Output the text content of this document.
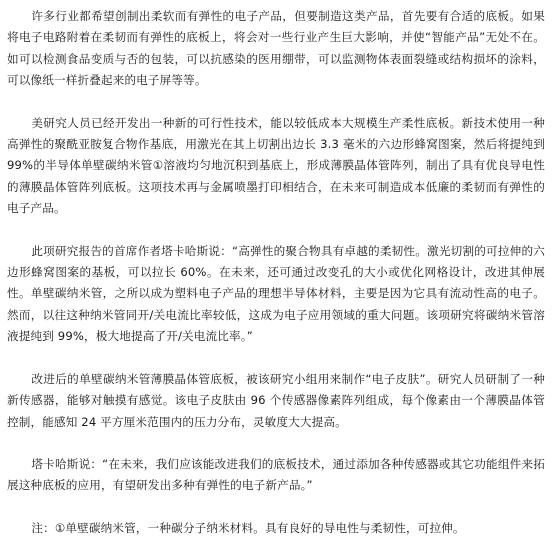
许多行业都希望创制出柔软而有弹性的电子产品，但要制造这类产品，首先要有合适的底板。如果将电子电路附着在柔韧而有弹性的底板上，将会对一些行业产生巨大影响，并使“智能产品”无处不在。如可以检测食品变质与否的包装，可以抗感染的医用绷带，可以监测物体表面裂缝或结构损坏的涂料，可以像纸一样折叠起来的电子屏等等。

美研究人员已经开发出一种新的可行性技术，能以较低成本大规模生产柔性底板。新技术使用一种高弹性的聚酰亚胺复合物作基底，用激光在其上切割出边长 3.3 毫米的六边形蜂窝图案，然后将提纯到 99%的半导体单壁碳纳米管①溶液均匀地沉积到基底上，形成薄膜晶体管阵列，制出了具有优良导电性的薄膜晶体管阵列底板。这项技术再与金属喷墨打印相结合，在未来可制造成本低廉的柔韧而有弹性的电子产品。

此项研究报告的首席作者塔卡哈斯说：“高弹性的聚合物具有卓越的柔韧性。激光切割的可拉伸的六边形蜂窝图案的基板，可以拉长 60%。在未来，还可通过改变孔的大小或优化网格设计，改进其伸展性。单壁碳纳米管，之所以成为塑料电子产品的理想半导体材料，主要是因为它具有流动性高的电子。然而，以往这种纳米管同开/关电流比率较低，这成为电子应用领域的重大问题。该项研究将碳纳米管溶液提纯到 99%，极大地提高了开/关电流比率。”

改进后的单壁碳纳米管薄膜晶体管底板，被该研究小组用来制作“电子皮肤”。研究人员研制了一种新传感器，能够对触摸有感觉。该电子皮肤由 96 个传感器像素阵列组成，每个像素由一个薄膜晶体管控制，能感知 24 平方厘米范围内的压力分布，灵敏度大大提高。

塔卡哈斯说：“在未来，我们应该能改进我们的底板技术，通过添加各种传感器或其它功能组件来拓展这种底板的应用，有望研发出多种有弹性的电子新产品。”

注：①单壁碳纳米管，一种碳分子纳米材料。具有良好的导电性与柔韧性，可拉伸。
